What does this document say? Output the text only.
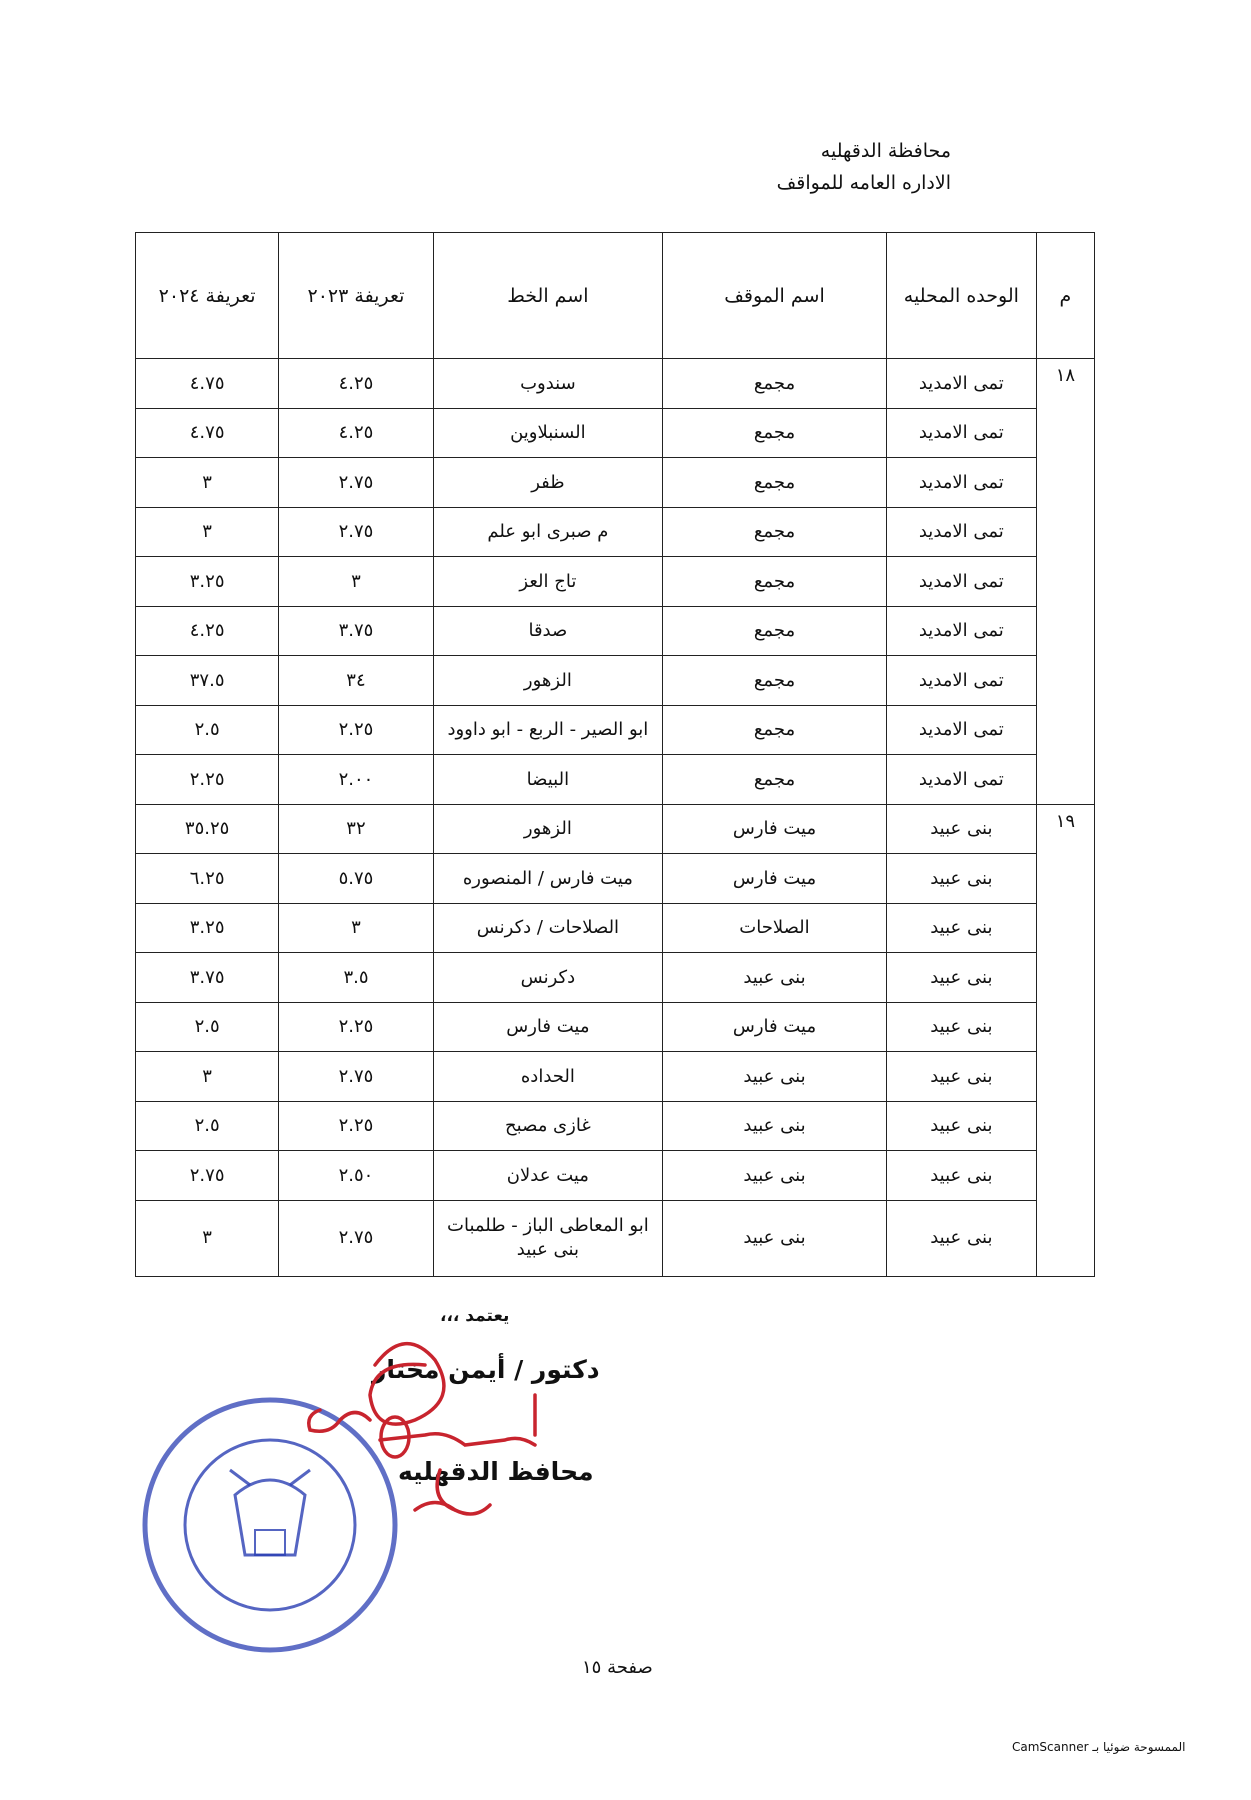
محافظة الدقهليه
الاداره العامه للمواقف
م	الوحده المحليه	اسم الموقف	اسم الخط	تعريفة ٢٠٢٣	تعريفة ٢٠٢٤
١٨	تمى الامديد	مجمع	سندوب	٤.٢٥	٤.٧٥
	تمى الامديد	مجمع	السنبلاوين	٤.٢٥	٤.٧٥
	تمى الامديد	مجمع	ظفر	٢.٧٥	٣
	تمى الامديد	مجمع	م صبرى ابو علم	٢.٧٥	٣
	تمى الامديد	مجمع	تاج العز	٣	٣.٢٥
	تمى الامديد	مجمع	صدقا	٣.٧٥	٤.٢٥
	تمى الامديد	مجمع	الزهور	٣٤	٣٧.٥
	تمى الامديد	مجمع	ابو الصير - الربع - ابو داوود	٢.٢٥	٢.٥
	تمى الامديد	مجمع	البيضا	٢.٠٠	٢.٢٥
١٩	بنى عبيد	ميت فارس	الزهور	٣٢	٣٥.٢٥
	بنى عبيد	ميت فارس	ميت فارس / المنصوره	٥.٧٥	٦.٢٥
	بنى عبيد	الصلاحات	الصلاحات / دكرنس	٣	٣.٢٥
	بنى عبيد	بنى عبيد	دكرنس	٣.٥	٣.٧٥
	بنى عبيد	ميت فارس	ميت فارس	٢.٢٥	٢.٥
	بنى عبيد	بنى عبيد	الحداده	٢.٧٥	٣
	بنى عبيد	بنى عبيد	غازى مصبح	٢.٢٥	٢.٥
	بنى عبيد	بنى عبيد	ميت عدلان	٢.٥٠	٢.٧٥
	بنى عبيد	بنى عبيد	ابو المعاطى الباز - طلمبات بنى عبيد	٢.٧٥	٣
يعتمد ،،،
دكتور / أيمن مختار
محافظ الدقهليه
صفحة ١٥
الممسوحة ضوئيا بـ CamScanner
